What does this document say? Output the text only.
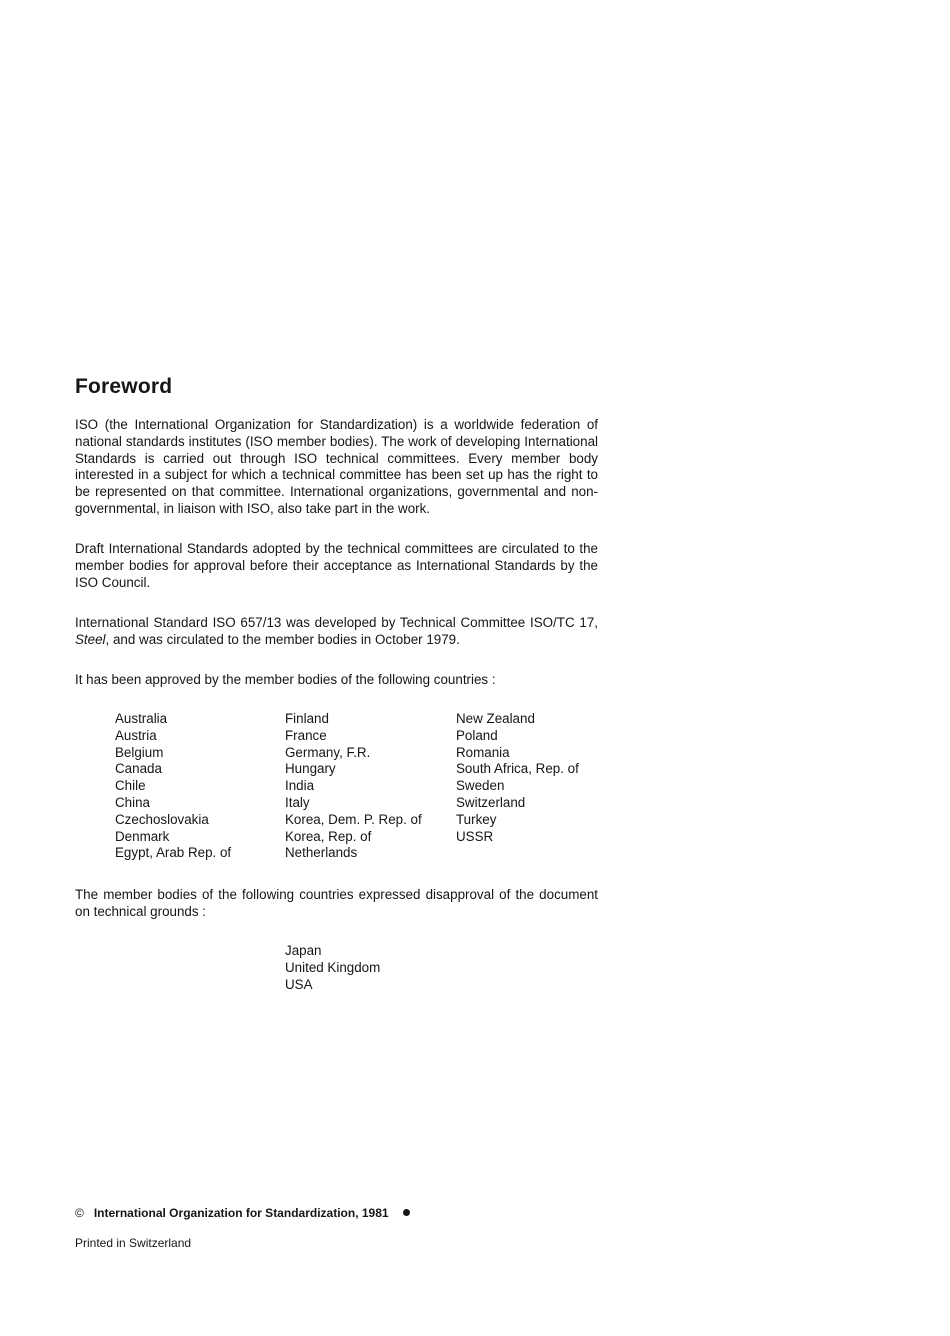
Foreword

ISO (the International Organization for Standardization) is a worldwide federation of national standards institutes (ISO member bodies). The work of developing International Standards is carried out through ISO technical committees. Every member body interested in a subject for which a technical committee has been set up has the right to be represented on that committee. International organizations, governmental and non-governmental, in liaison with ISO, also take part in the work.

Draft International Standards adopted by the technical committees are circulated to the member bodies for approval before their acceptance as International Standards by the ISO Council.

International Standard ISO 657/13 was developed by Technical Committee ISO/TC 17, Steel, and was circulated to the member bodies in October 1979.

It has been approved by the member bodies of the following countries :

Australia
Austria
Belgium
Canada
Chile
China
Czechoslovakia
Denmark
Egypt, Arab Rep. of
Finland
France
Germany, F.R.
Hungary
India
Italy
Korea, Dem. P. Rep. of
Korea, Rep. of
Netherlands
New Zealand
Poland
Romania
South Africa, Rep. of
Sweden
Switzerland
Turkey
USSR

The member bodies of the following countries expressed disapproval of the document on technical grounds :

Japan
United Kingdom
USA
© International Organization for Standardization, 1981
Printed in Switzerland
